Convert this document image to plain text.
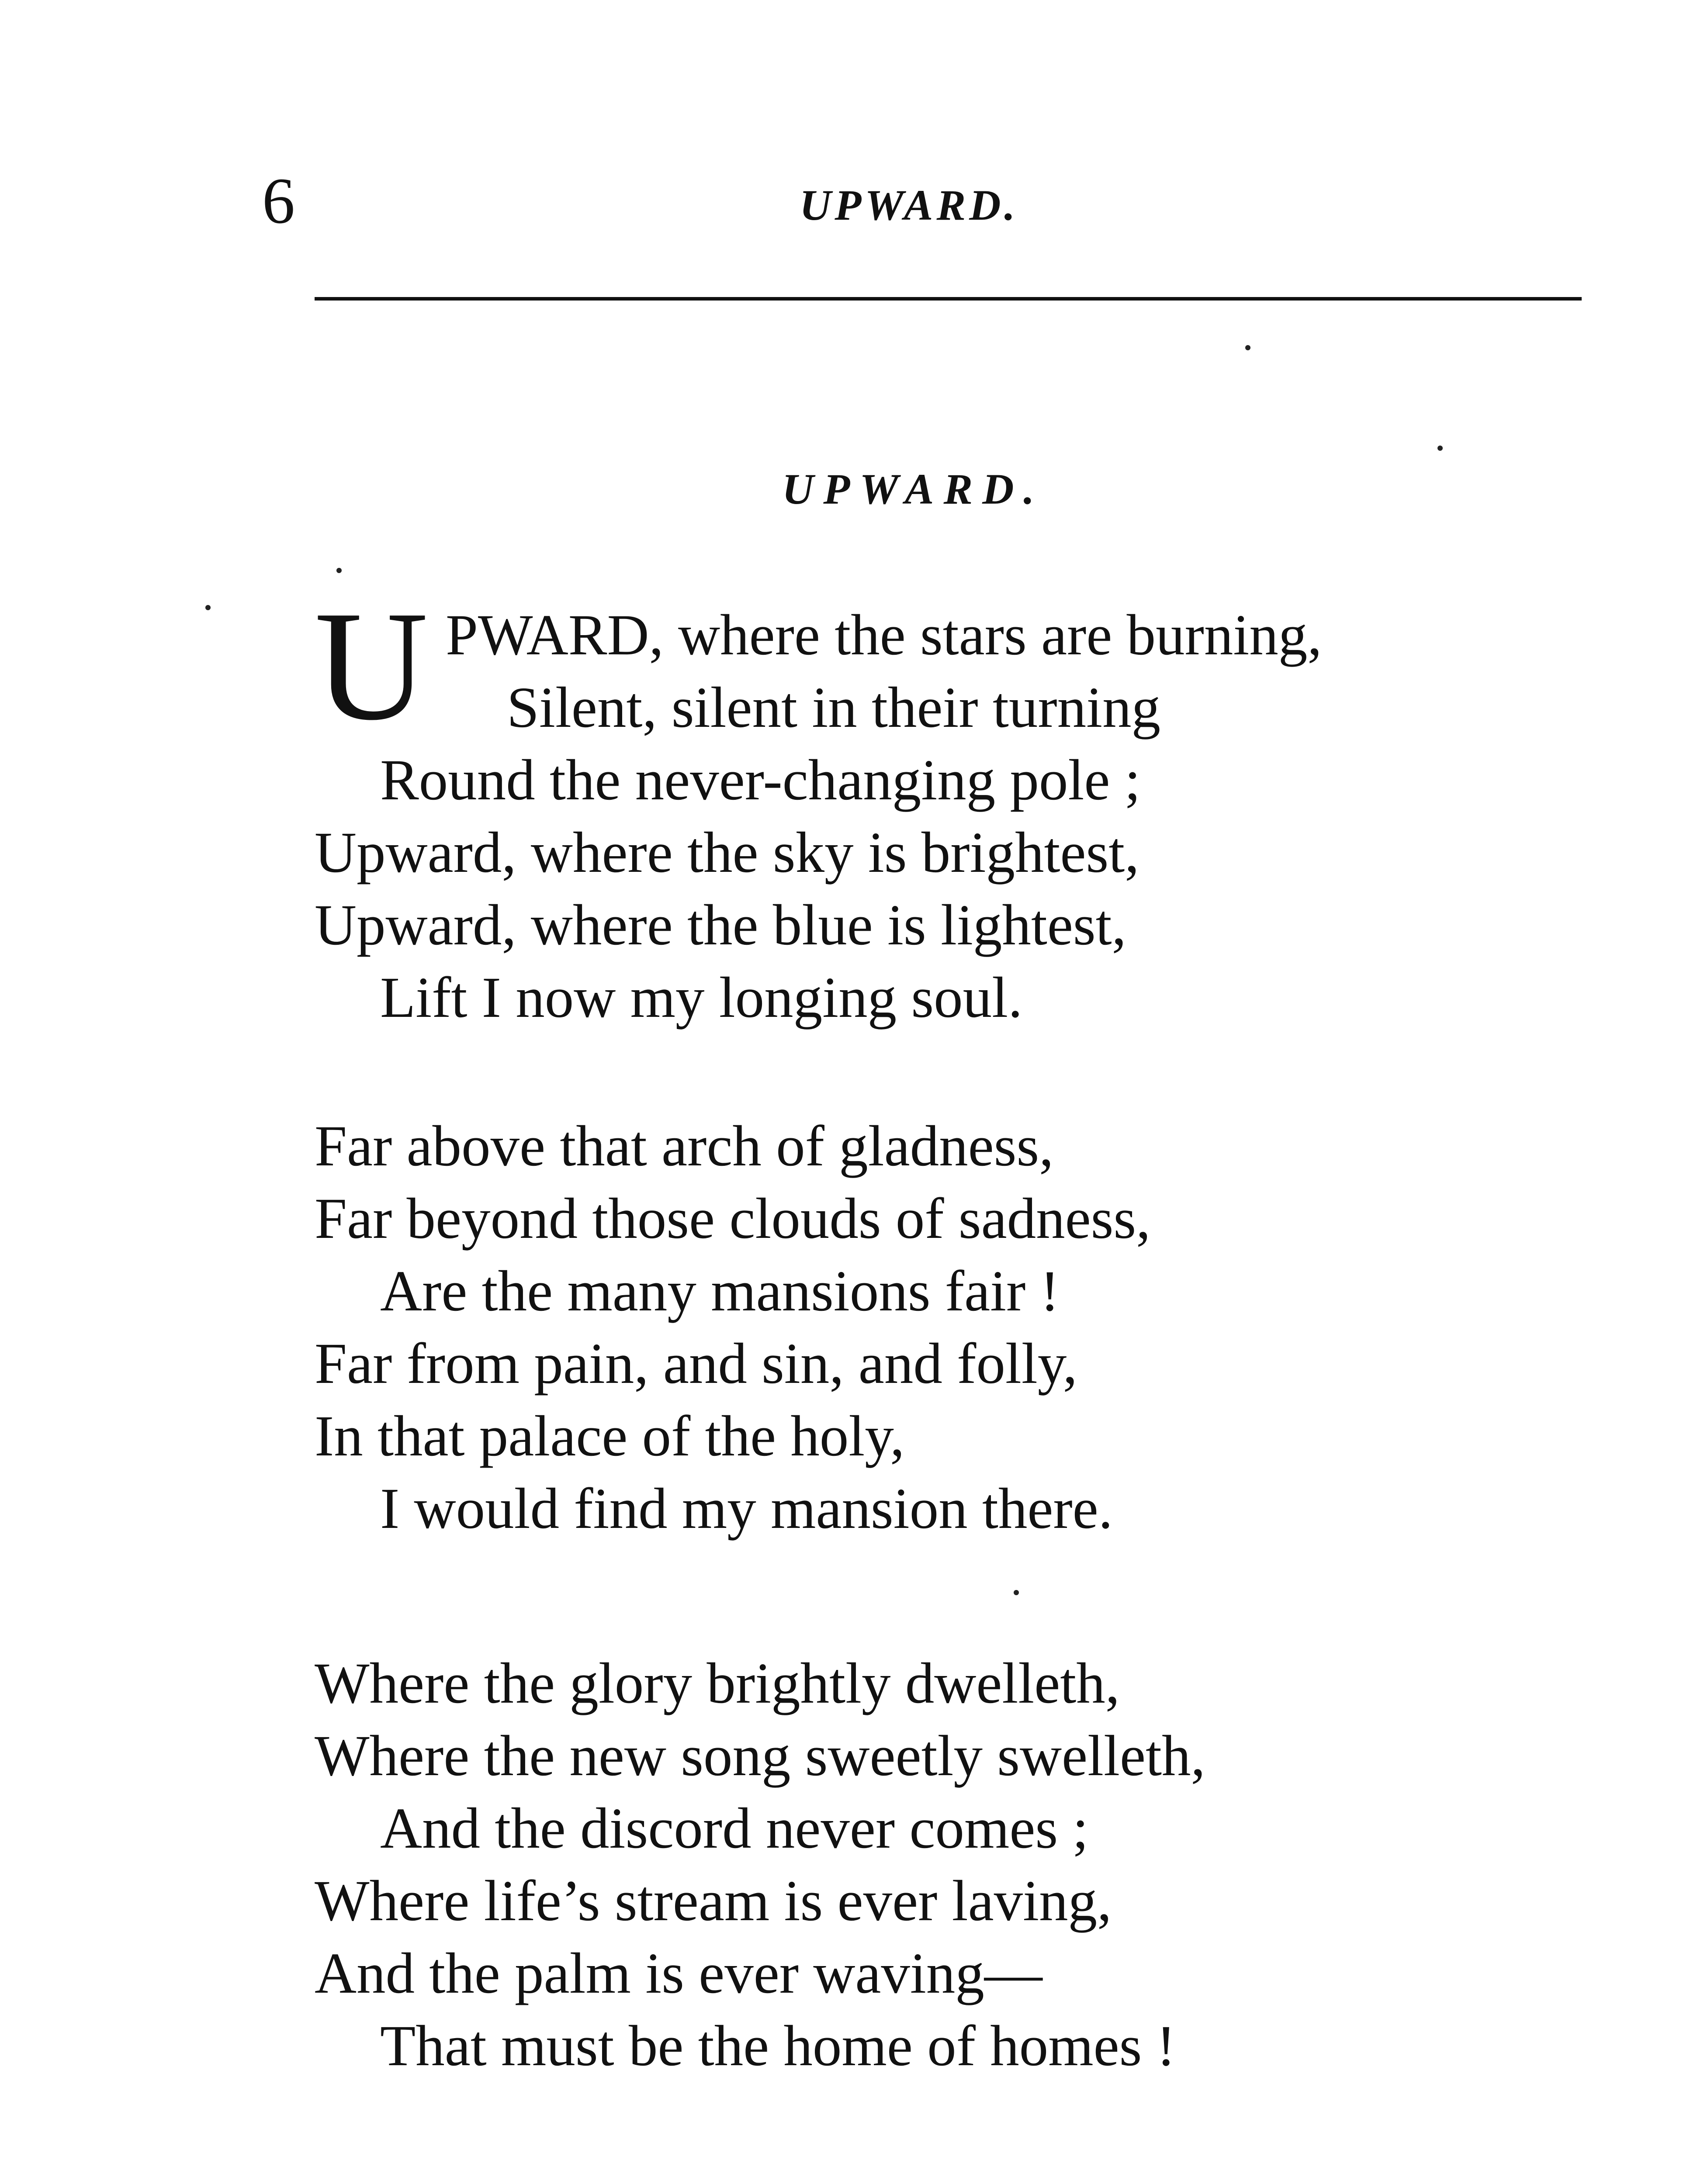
6	UPWARD.
UPWARD.
U PWARD, where the stars are burning,
Silent, silent in their turning
Round the never-changing pole ;
Upward, where the sky is brightest,
Upward, where the blue is lightest,
Lift I now my longing soul.
Far above that arch of gladness,
Far beyond those clouds of sadness,
Are the many mansions fair !
Far from pain, and sin, and folly,
In that palace of the holy,
I would find my mansion there.
Where the glory brightly dwelleth,
Where the new song sweetly swelleth,
And the discord never comes ;
Where life’s stream is ever laving,
And the palm is ever waving—
That must be the home of homes !
